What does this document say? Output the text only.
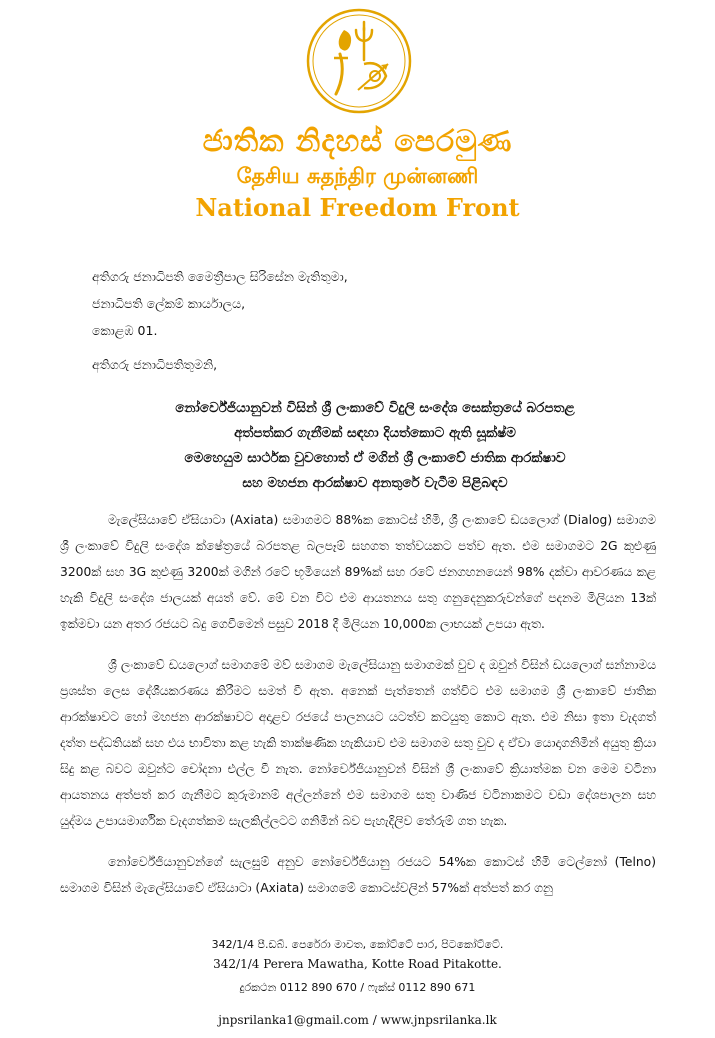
ජාතික නිදහස් පෙරමුණ
தேசிய சுதந்திர முன்னணி
National Freedom Front
අතිගරු ජනාධිපති මෛත්‍රීපාල සිරිසේන මැතිතුමා,
ජනාධිපති ලේකම් කාර්යාලය,
කොළඹ 01.
අතිගරු ජනාධිපතිතුමනි,
නෝර්වේජියානුවන් විසින් ශ්‍රී ලංකාවේ විදුලි සංදේශ සෙක්ත්‍රයේ බරපතළ
අත්පත්කර ගැනීමක් සඳහා දියත්කොට ඇති සූක්ෂ්ම
මෙහෙයුම සාර්ථක වුවහොත් ඒ මගින් ශ්‍රී ලංකාවේ ජාතික ආරක්ෂාව
සහ මහජන ආරක්ෂාව අනතුරේ වැටීම පිළිබඳව

මැලේසියාවේ ඒසියාටා (Axiata) සමාගමට 88%ක කොටස් හිමි, ශ්‍රී ලංකාවේ ඩයලොග් (Dialog) සමාගම ශ්‍රී ලංකාවේ විදුලි සංදේශ ක්ෂේත්‍රයේ බරපතළ බලපෑම් සහගත තත්වයකට පත්ව ඇත. එම සමාගමට 2G කුළුණු 3200ක් සහ 3G කුළුණු 3200ක් මගින් රටේ භූමියෙන් 89%ක් සහ රටේ ජනගහනයෙන් 98% දක්වා ආවරණය කළ හැකි විදුලි සංදේශ ජාලයක් අයත් වේ. මේ වන විට එම ආයතනය සතු ගනුදෙනුකරුවන්ගේ පදනම මිලියන 13ක් ඉක්මවා යන අතර රජයට බදු ගෙවීමෙන් පසුව 2018 දී මිලියන 10,000ක ලාභයක් උපයා ඇත.

ශ්‍රී ලංකාවේ ඩයලොග් සමාගමේ මව් සමාගම මැලේසියානු සමාගමක් වුව ද ඔවුන් විසින් ඩයලොග් සන්නාමය ප්‍රශස්ත ලෙස දේශීයකරණය කිරීමට සමත් වී ඇත. අනෙක් පැත්තෙන් ගත්විට එම සමාගම ශ්‍රී ලංකාවේ ජාතික ආරක්ෂාවට හෝ මහජන ආරක්ෂාවට අදාළව රජයේ පාලනයට යටත්ව කටයුතු කොට ඇත. එම නිසා ඉතා වැදගත් දත්ත පද්ධතියක් සහ එය භාවිතා කළ හැකි තාක්ෂණික හැකියාව එම සමාගම සතු වුව ද ඒවා යොදාගනිමින් අයුතු ක්‍රියා සිදු කළ බවට ඔවුන්ට චෝදනා එල්ල වී නැත. නෝර්වේජියානුවන් විසින් ශ්‍රී ලංකාවේ ක්‍රියාත්මක වන මෙම වටිනා ආයතනය අත්පත් කර ගැනීමට කුරුමානම් අල්ලන්නේ එම සමාගම සතු වාණිජ වටිනාකමට වඩා දේශපාලන සහ යුද්මය උපායමාර්ගික වැදගත්කම සැලකිල්ලටට ගනිමින් බව පැහැදිලිව තේරුම් ගත හැක.

නෝර්වේජියානුවන්ගේ සැලසුම් අනුව නෝර්වේජියානු රජයට 54%ක කොටස් හිමි ටෙල්නෝ (Telno) සමාගම විසින් මැලේසියාවේ ඒසියාටා (Axiata) සමාගමේ කොටස්වලින් 57%ක් අත්පත් කර ගනු

342/1/4 පී.ඩබ්. පෙරේරා මාවත, කෝට්ටේ පාර, පිටකෝට්ටේ.
342/1/4 Perera Mawatha, Kotte Road Pitakotte.
දුරකථන 0112 890 670 / ෆැක්ස් 0112 890 671
jnpsrilanka1@gmail.com / www.jnpsrilanka.lk
